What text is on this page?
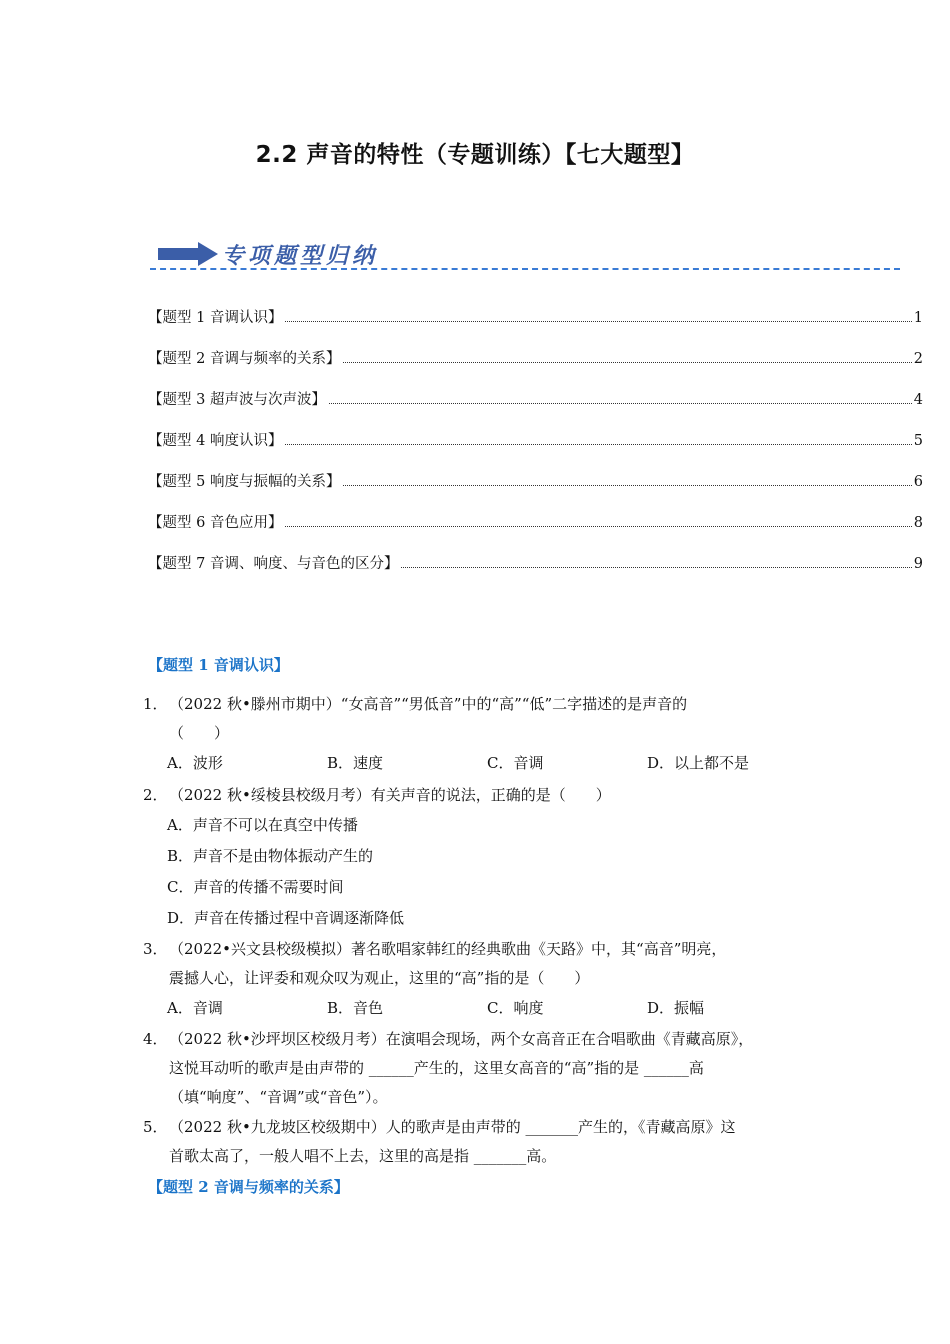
2.2 声音的特性（专题训练）【七大题型】
专项题型归纳
【题型 1 音调认识】	1
【题型 2 音调与频率的关系】	2
【题型 3 超声波与次声波】	4
【题型 4 响度认识】	5
【题型 5 响度与振幅的关系】	6
【题型 6 音色应用】	8
【题型 7 音调、响度、与音色的区分】	9
【题型 1 音调认识】
1．（2022 秋•滕州市期中）“女高音”“男低音”中的“高”“低”二字描述的是声音的
（　　）
A．波形	B．速度	C．音调	D．以上都不是
2．（2022 秋•绥棱县校级月考）有关声音的说法，正确的是（　　）
A．声音不可以在真空中传播
B．声音不是由物体振动产生的
C．声音的传播不需要时间
D．声音在传播过程中音调逐渐降低
3．（2022•兴文县校级模拟）著名歌唱家韩红的经典歌曲《天路》中，其“高音”明亮，
震撼人心，让评委和观众叹为观止，这里的“高”指的是（　　）
A．音调	B．音色	C．响度	D．振幅
4．（2022 秋•沙坪坝区校级月考）在演唱会现场，两个女高音正在合唱歌曲《青藏高原》，
这悦耳动听的歌声是由声带的 ______产生的，这里女高音的“高”指的是 ______高
（填“响度”、“音调”或“音色”）。
5．（2022 秋•九龙坡区校级期中）人的歌声是由声带的 _______产生的，《青藏高原》这
首歌太高了，一般人唱不上去，这里的高是指 _______高。
【题型 2 音调与频率的关系】
